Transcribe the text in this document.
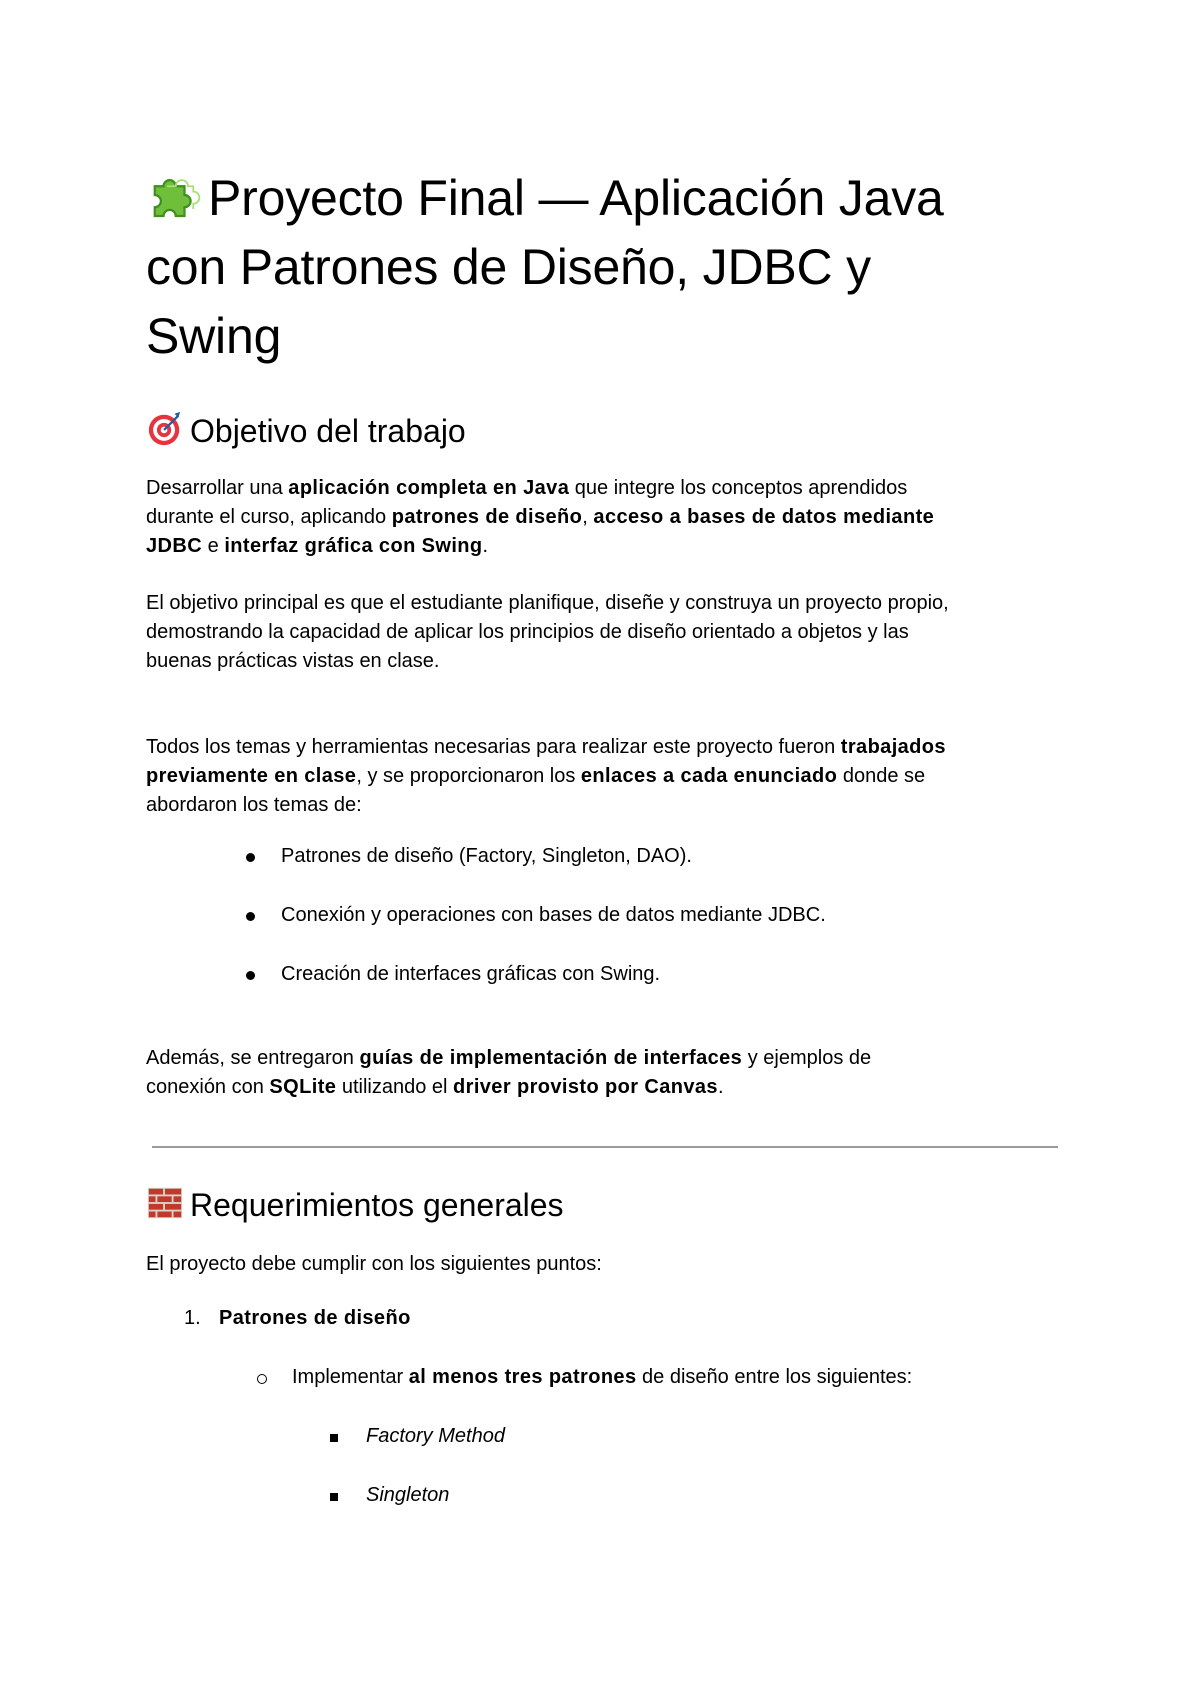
Proyecto Final — Aplicación Java
con Patrones de Diseño, JDBC y
Swing
Objetivo del trabajo

Desarrollar una aplicación completa en Java que integre los conceptos aprendidos
durante el curso, aplicando patrones de diseño, acceso a bases de datos mediante
JDBC e interfaz gráfica con Swing.

El objetivo principal es que el estudiante planifique, diseñe y construya un proyecto propio,
demostrando la capacidad de aplicar los principios de diseño orientado a objetos y las
buenas prácticas vistas en clase.

Todos los temas y herramientas necesarias para realizar este proyecto fueron trabajados
previamente en clase, y se proporcionaron los enlaces a cada enunciado donde se
abordaron los temas de:

Patrones de diseño (Factory, Singleton, DAO).
Conexión y operaciones con bases de datos mediante JDBC.
Creación de interfaces gráficas con Swing.

Además, se entregaron guías de implementación de interfaces y ejemplos de
conexión con SQLite utilizando el driver provisto por Canvas.

Requerimientos generales

El proyecto debe cumplir con los siguientes puntos:

1. Patrones de diseño
Implementar al menos tres patrones de diseño entre los siguientes:
Factory Method
Singleton
